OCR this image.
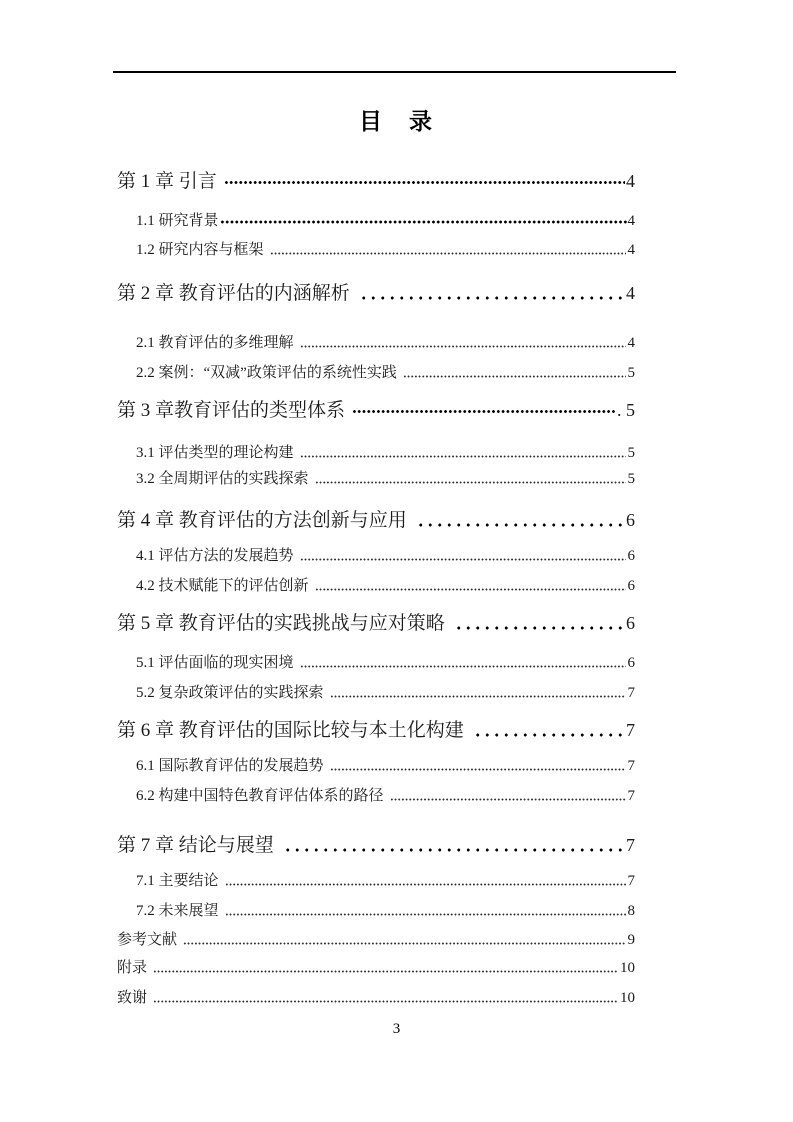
目　录
第 1 章 引言	4
1.1 研究背景	4
1.2 研究内容与框架	4
第 2 章 教育评估的内涵解析	4
2.1 教育评估的多维理解	4
2.2 案例：“双减”政策评估的系统性实践	5
第 3 章教育评估的类型体系	. 5
3.1 评估类型的理论构建	5
3.2 全周期评估的实践探索	5
第 4 章 教育评估的方法创新与应用	6
4.1 评估方法的发展趋势	6
4.2 技术赋能下的评估创新	6
第 5 章 教育评估的实践挑战与应对策略	6
5.1 评估面临的现实困境	6
5.2 复杂政策评估的实践探索	7
第 6 章 教育评估的国际比较与本土化构建	7
6.1 国际教育评估的发展趋势	7
6.2 构建中国特色教育评估体系的路径	7
第 7 章 结论与展望	7
7.1 主要结论	7
7.2 未来展望	8
参考文献	9
附录	10
致谢	10
3
